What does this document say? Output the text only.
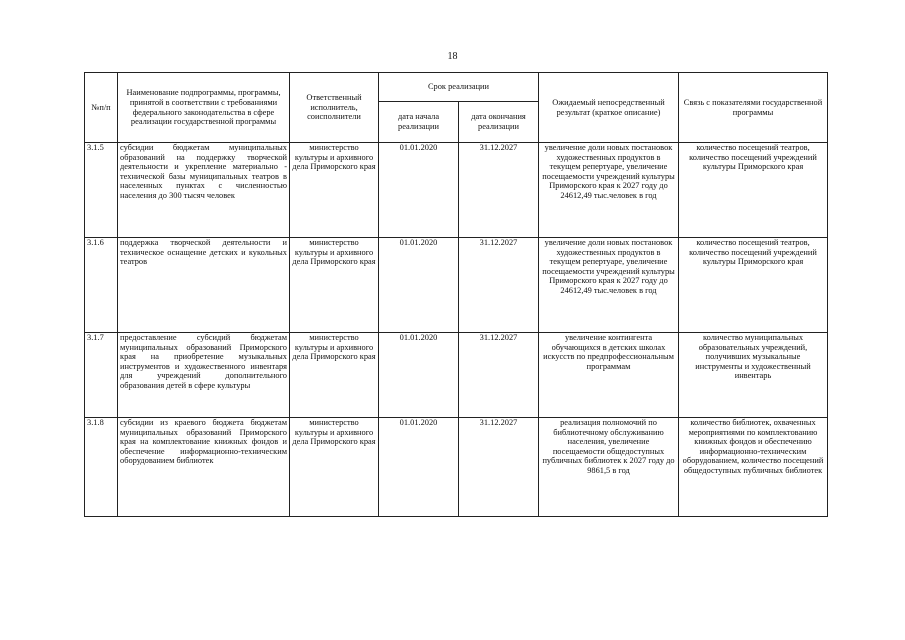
18
№п/п	Наименование подпрограммы, программы, принятой в соответствии с требованиями федерального законодательства в сфере реализации государственной программы	Ответственный исполнитель, соисполнители	Срок реализации		Ожидаемый непосредственный результат (краткое описание)	Связь с показателями государственной программы
			дата начала реализации	дата окончания реализации		
3.1.5	субсидии бюджетам муниципальных образований на поддержку творческой деятельности и укрепление материально - технической базы муниципальных театров в населенных пунктах с численностью населения до 300 тысяч человек	министерство культуры и архивного дела Приморского края	01.01.2020	31.12.2027	увеличение доли новых постановок художественных продуктов в текущем репертуаре, увеличение посещаемости учреждений культуры Приморского края к 2027 году до 24612,49 тыс.человек в год	количество посещений театров, количество посещений учреждений культуры Приморского края
3.1.6	поддержка творческой деятельности и техническое оснащение детских и кукольных театров	министерство культуры и архивного дела Приморского края	01.01.2020	31.12.2027	увеличение доли новых постановок художественных продуктов в текущем репертуаре, увеличение посещаемости учреждений культуры Приморского края к 2027 году до 24612,49 тыс.человек в год	количество посещений театров, количество посещений учреждений культуры Приморского края
3.1.7	предоставление субсидий бюджетам муниципальных образований Приморского края на приобретение музыкальных инструментов и художественного инвентаря для учреждений дополнительного образования детей в сфере культуры	министерство культуры и архивного дела Приморского края	01.01.2020	31.12.2027	увеличение контингента обучающихся в детских школах искусств по предпрофессиональным программам	количество муниципальных образовательных учреждений, получивших музыкальные инструменты и художественный инвентарь
3.1.8	субсидии из краевого бюджета бюджетам муниципальных образований Приморского края на комплектование книжных фондов и обеспечение информационно-техническим оборудованием библиотек	министерство культуры и архивного дела Приморского края	01.01.2020	31.12.2027	реализация полномочий по библиотечному обслуживанию населения, увеличение посещаемости общедоступных публичных библиотек к 2027 году до 9861,5 в год	количество библиотек, охваченных мероприятиями по комплектованию книжных фондов и обеспечению информационно-техническим оборудованием, количество посещений общедоступных публичных библиотек
